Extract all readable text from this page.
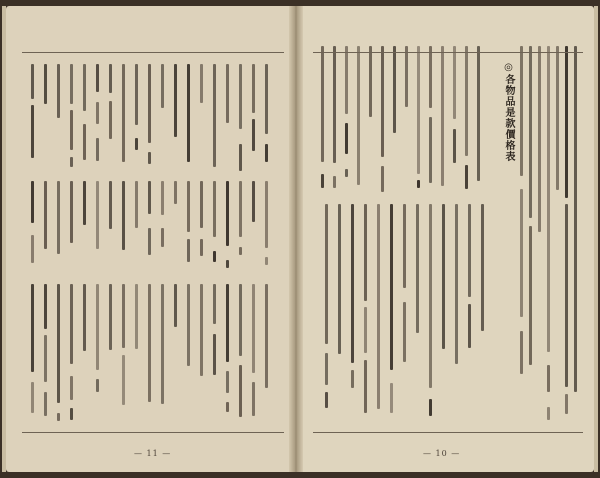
— 11 —
◎各物品是款價格表
— 10 —
